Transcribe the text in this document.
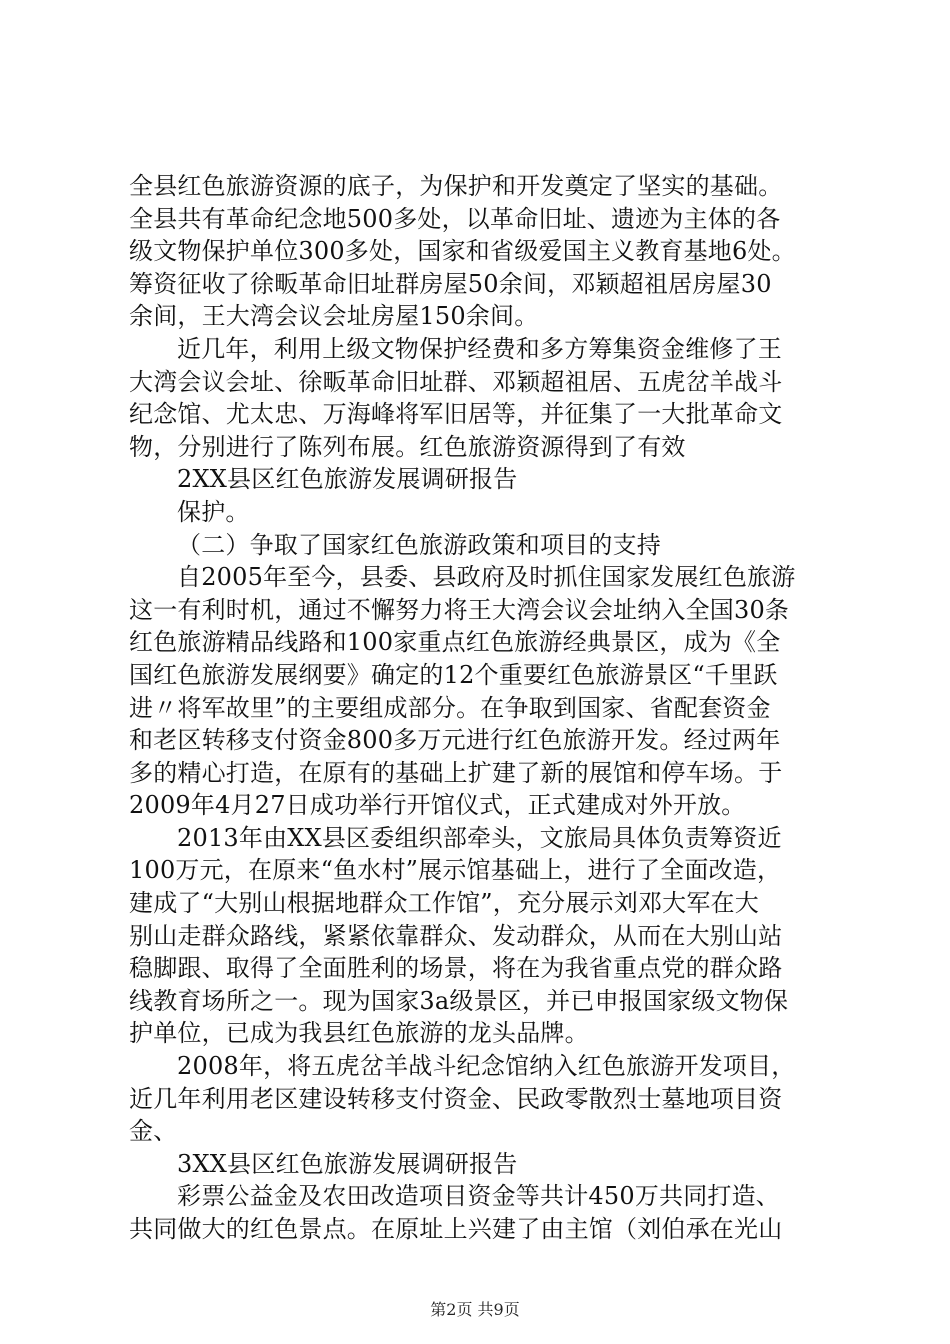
全县红色旅游资源的底子，为保护和开发奠定了坚实的基础。
全县共有革命纪念地500多处，以革命旧址、遗迹为主体的各
级文物保护单位300多处，国家和省级爱国主义教育基地6处。
筹资征收了徐畈革命旧址群房屋50余间，邓颖超祖居房屋30
余间，王大湾会议会址房屋150余间。
近几年，利用上级文物保护经费和多方筹集资金维修了王
大湾会议会址、徐畈革命旧址群、邓颖超祖居、五虎岔羊战斗
纪念馆、尤太忠、万海峰将军旧居等，并征集了一大批革命文
物，分别进行了陈列布展。红色旅游资源得到了有效
2XX县区红色旅游发展调研报告
保护。
（二）争取了国家红色旅游政策和项目的支持
自2005年至今，县委、县政府及时抓住国家发展红色旅游
这一有利时机，通过不懈努力将王大湾会议会址纳入全国30条
红色旅游精品线路和100家重点红色旅游经典景区，成为《全
国红色旅游发展纲要》确定的12个重要红色旅游景区“千里跃
进〃将军故里”的主要组成部分。在争取到国家、省配套资金
和老区转移支付资金800多万元进行红色旅游开发。经过两年
多的精心打造，在原有的基础上扩建了新的展馆和停车场。于
2009年4月27日成功举行开馆仪式，正式建成对外开放。
2013年由XX县区委组织部牵头，文旅局具体负责筹资近
100万元，在原来“鱼水村”展示馆基础上，进行了全面改造，
建成了“大别山根据地群众工作馆”，充分展示刘邓大军在大
别山走群众路线，紧紧依靠群众、发动群众，从而在大别山站
稳脚跟、取得了全面胜利的场景，将在为我省重点党的群众路
线教育场所之一。现为国家3a级景区，并已申报国家级文物保
护单位，已成为我县红色旅游的龙头品牌。
2008年，将五虎岔羊战斗纪念馆纳入红色旅游开发项目，
近几年利用老区建设转移支付资金、民政零散烈士墓地项目资
金、
3XX县区红色旅游发展调研报告
彩票公益金及农田改造项目资金等共计450万共同打造、
共同做大的红色景点。在原址上兴建了由主馆（刘伯承在光山
第2页 共9页
